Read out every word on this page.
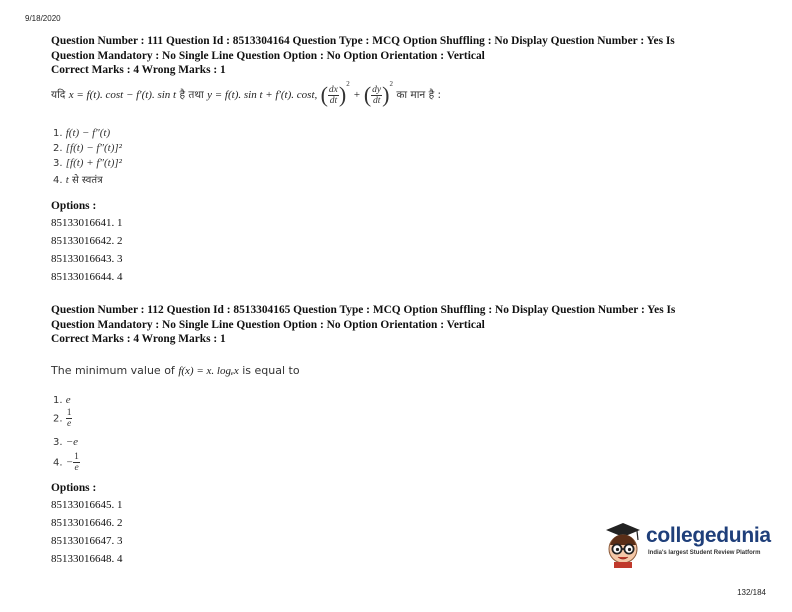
9/18/2020
Question Number : 111 Question Id : 8513304164 Question Type : MCQ Option Shuffling : No Display Question Number : Yes Is
Question Mandatory : No Single Line Question Option : No Option Orientation : Vertical
Correct Marks : 4 Wrong Marks : 1
यदि x = f(t). cost − f′(t). sin t है तथा y = f(t). sin t + f′(t). cost, ( $\frac{dx}{dt} )^2$ + ( $\frac{dy}{dt} )^2$ का मान है :
1. f(t) − f″(t)
2. [f(t) − f″(t)]²
3. [f(t) + f″(t)]²
4. t से स्वतंत्र
Options :
85133016641. 1
85133016642. 2
85133016643. 3
85133016644. 4
Question Number : 112 Question Id : 8513304165 Question Type : MCQ Option Shuffling : No Display Question Number : Yes Is
Question Mandatory : No Single Line Question Option : No Option Orientation : Vertical
Correct Marks : 4 Wrong Marks : 1
The minimum value of f(x) = x. logₑx is equal to
1. e
2. $\frac{1}{e}$
3. −e
4. − $\frac{1}{e}$
Options :
85133016645. 1
85133016646. 2
85133016647. 3
85133016648. 4
collegedunia
India's largest Student Review Platform
132/184
